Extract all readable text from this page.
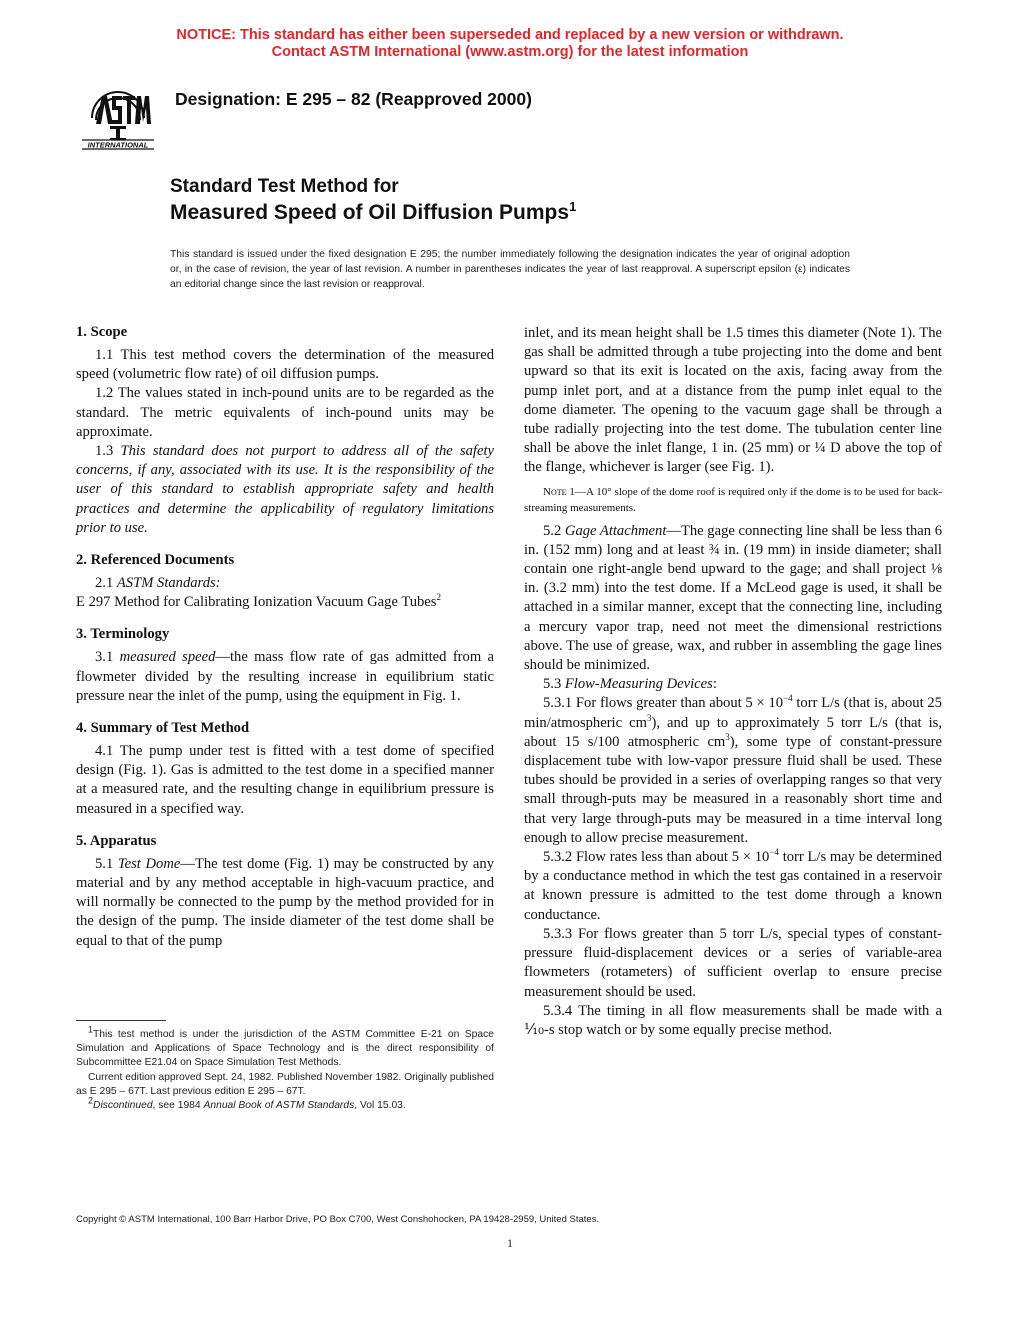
NOTICE: This standard has either been superseded and replaced by a new version or withdrawn.
Contact ASTM International (www.astm.org) for the latest information
INTERNATIONAL
Designation: E 295 – 82 (Reapproved 2000)
Standard Test Method for
Measured Speed of Oil Diffusion Pumps$^1$
This standard is issued under the fixed designation E 295; the number immediately following the designation indicates the year of original adoption or, in the case of revision, the year of last revision. A number in parentheses indicates the year of last reapproval. A superscript epsilon (ε) indicates an editorial change since the last revision or reapproval.
1. Scope

1.1 This test method covers the determination of the measured speed (volumetric flow rate) of oil diffusion pumps.

1.2 The values stated in inch-pound units are to be regarded as the standard. The metric equivalents of inch-pound units may be approximate.

1.3 This standard does not purport to address all of the safety concerns, if any, associated with its use. It is the responsibility of the user of this standard to establish appropriate safety and health practices and determine the applicability of regulatory limitations prior to use.

2. Referenced Documents

2.1 ASTM Standards:

E 297 Method for Calibrating Ionization Vacuum Gage Tubes$^2$

3. Terminology

3.1 measured speed—the mass flow rate of gas admitted from a flowmeter divided by the resulting increase in equilibrium static pressure near the inlet of the pump, using the equipment in Fig. 1.

4. Summary of Test Method

4.1 The pump under test is fitted with a test dome of specified design (Fig. 1). Gas is admitted to the test dome in a specified manner at a measured rate, and the resulting change in equilibrium pressure is measured in a specified way.

5. Apparatus

5.1 Test Dome—The test dome (Fig. 1) may be constructed by any material and by any method acceptable in high-vacuum practice, and will normally be connected to the pump by the method provided for in the design of the pump. The inside diameter of the test dome shall be equal to that of the pump

inlet, and its mean height shall be 1.5 times this diameter (Note 1). The gas shall be admitted through a tube projecting into the dome and bent upward so that its exit is located on the axis, facing away from the pump inlet port, and at a distance from the pump inlet equal to the dome diameter. The opening to the vacuum gage shall be through a tube radially projecting into the test dome. The tubulation center line shall be above the inlet flange, 1 in. (25 mm) or ¼ D above the top of the flange, whichever is larger (see Fig. 1).

Note 1—A 10° slope of the dome roof is required only if the dome is to be used for back-streaming measurements.

5.2 Gage Attachment—The gage connecting line shall be less than 6 in. (152 mm) long and at least ¾ in. (19 mm) in inside diameter; shall contain one right-angle bend upward to the gage; and shall project ⅛ in. (3.2 mm) into the test dome. If a McLeod gage is used, it shall be attached in a similar manner, except that the connecting line, including a mercury vapor trap, need not meet the dimensional restrictions above. The use of grease, wax, and rubber in assembling the gage lines should be minimized.

5.3 Flow-Measuring Devices:

5.3.1 For flows greater than about $5 \times 10^{-4}$ torr L/s (that is, about 25 min/atmospheric $cm^3$), and up to approximately 5 torr L/s (that is, about 15 s/100 atmospheric $cm^3$), some type of constant-pressure displacement tube with low-vapor pressure fluid shall be used. These tubes should be provided in a series of overlapping ranges so that very small through-puts may be measured in a reasonably short time and that very large through-puts may be measured in a time interval long enough to allow precise measurement.

5.3.2 Flow rates less than about $5 \times 10^{-4}$ torr L/s may be determined by a conductance method in which the test gas contained in a reservoir at known pressure is admitted to the test dome through a known conductance.

5.3.3 For flows greater than 5 torr L/s, special types of constant-pressure fluid-displacement devices or a series of variable-area flowmeters (rotameters) of sufficient overlap to ensure precise measurement should be used.

5.3.4 The timing in all flow measurements shall be made with a ⅒-s stop watch or by some equally precise method.

$^1$This test method is under the jurisdiction of the ASTM Committee E-21 on Space Simulation and Applications of Space Technology and is the direct responsibility of Subcommittee E21.04 on Space Simulation Test Methods.

Current edition approved Sept. 24, 1982. Published November 1982. Originally published as E 295 – 67T. Last previous edition E 295 – 67T.

$^2$Discontinued, see 1984 Annual Book of ASTM Standards, Vol 15.03.

Copyright © ASTM International, 100 Barr Harbor Drive, PO Box C700, West Conshohocken, PA 19428-2959, United States.
1
